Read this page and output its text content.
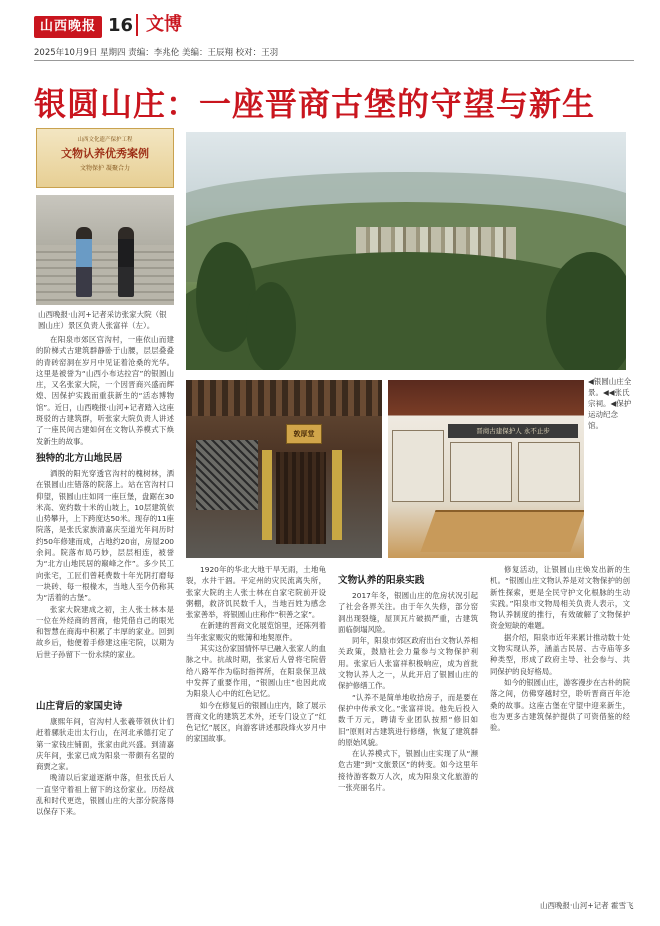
山西晚报 16 文博
2025年10月9日 星期四 责编：李兆伦 美编：王辰翔 校对：王羽
银圆山庄：一座晋商古堡的守望与新生
山西文化遗产保护工程
文物认养优秀案例
文物保护 凝聚合力
山西晚报·山河+记者采访张家大院（银圆山庄）景区负责人张富祥（左）。
◀银圆山庄全景。◀◀张氏宗祠。◀保护运动纪念馆。
敦厚堂	晋商古建保护人 永不止步

在阳泉市郊区官沟村，一座依山而建的阶梯式古建筑群静卧于山腰，层层叠叠的青砖窑洞在岁月中见证着沧桑的光华。这里是被誉为“山西小布达拉宫”的银圆山庄，又名张家大院，一个因晋商兴盛而辉煌、因保护实践而重获新生的“活态博物馆”。近日，山西晚报·山河+记者踏入这座斑驳的古建筑群，听张家大院负责人讲述了一座民间古建如何在文物认养模式下焕发新生的故事。

独特的北方山地民居

洒脱的阳光穿透官沟村的槐树林，洒在银圆山庄错落的院落上。站在官沟村口仰望，银圆山庄如同一座巨堡，盘踞在30米高、宽约数十米的山坡上，10层建筑依山势攀升，上下跨度达50米。现存的11座院落，是张氏家族清嘉庆至道光年间历时约50年修建而成，占地约20亩，房屋200余间。院落布局巧妙，层层相连，被誉为“北方山地民居的巅峰之作”。多少民工向张宅，工匠们曾耗费数十年光阴打磨每一块砖、每一根椽木，当地人至今仍称其为“活着的古堡”。

张家大院建成之初，主人张士林本是一位在外经商的晋商，他凭借自己的眼光和智慧在商海中积累了丰厚的家业。回到故乡后，他便着手修建这座宅院，以期为后世子孙留下一份永续的家业。

山庄背后的家国史诗

康熙年间，官沟村人张羲带领伙计们赶着骡驮走出太行山，在河北承德打定了第一家钱庄铺面，张家由此兴盛。到清嘉庆年间，张家已成为阳泉一带颇有名望的商贾之家。

晚清以后家道逐渐中落，但张氏后人一直坚守着祖上留下的这份家业。历经战乱和时代更迭，银圆山庄的大部分院落得以保存下来。

1920年的华北大地干旱无雨，土地龟裂，水井干涸。平定州的灾民流离失所，张家大院的主人张士林在自家宅院前开设粥棚，救济饥民数千人，当地百姓为感念张家善举，将银圆山庄称作“积善之家”。

在新建的晋商文化展览馆里，还陈列着当年张家赈灾的账簿和地契原件。

其实这份家国情怀早已融入张家人的血脉之中。抗战时期，张家后人曾将宅院借给八路军作为临时指挥所，在阳泉保卫战中发挥了重要作用，“银圆山庄”也因此成为阳泉人心中的红色记忆。

如今在修复后的银圆山庄内，除了展示晋商文化的建筑艺术外，还专门设立了“红色记忆”展区，向游客讲述那段烽火岁月中的家国故事。

文物认养的阳泉实践

2017年冬，银圆山庄的危房状况引起了社会各界关注。由于年久失修，部分窑洞出现裂缝，屋顶瓦片破损严重，古建筑面临倒塌风险。

同年，阳泉市郊区政府出台文物认养相关政策，鼓励社会力量参与文物保护利用。张家后人张富祥积极响应，成为首批文物认养人之一，从此开启了银圆山庄的保护修缮工作。

“认养不是简单地收拾房子，而是要在保护中传承文化。”张富祥说。他先后投入数千万元，聘请专业团队按照“修旧如旧”原则对古建筑进行修缮，恢复了建筑群的原始风貌。

在认养模式下，银圆山庄实现了从“濒危古建”到“文旅景区”的转变。如今这里年接待游客数万人次，成为阳泉文化旅游的一张亮丽名片。

修复活动，让银圆山庄焕发出新的生机。“银圆山庄文物认养是对文物保护的创新性探索，更是全民守护文化根脉的生动实践。”阳泉市文物局相关负责人表示，文物认养制度的推行，有效破解了文物保护资金短缺的难题。

据介绍，阳泉市近年来累计推动数十处文物实现认养，涵盖古民居、古寺庙等多种类型，形成了政府主导、社会参与、共同保护的良好格局。

如今的银圆山庄，游客漫步在古朴的院落之间，仿佛穿越时空，聆听晋商百年沧桑的故事。这座古堡在守望中迎来新生，也为更多古建筑保护提供了可资借鉴的经验。

山西晚报·山河+记者 霍雪飞
